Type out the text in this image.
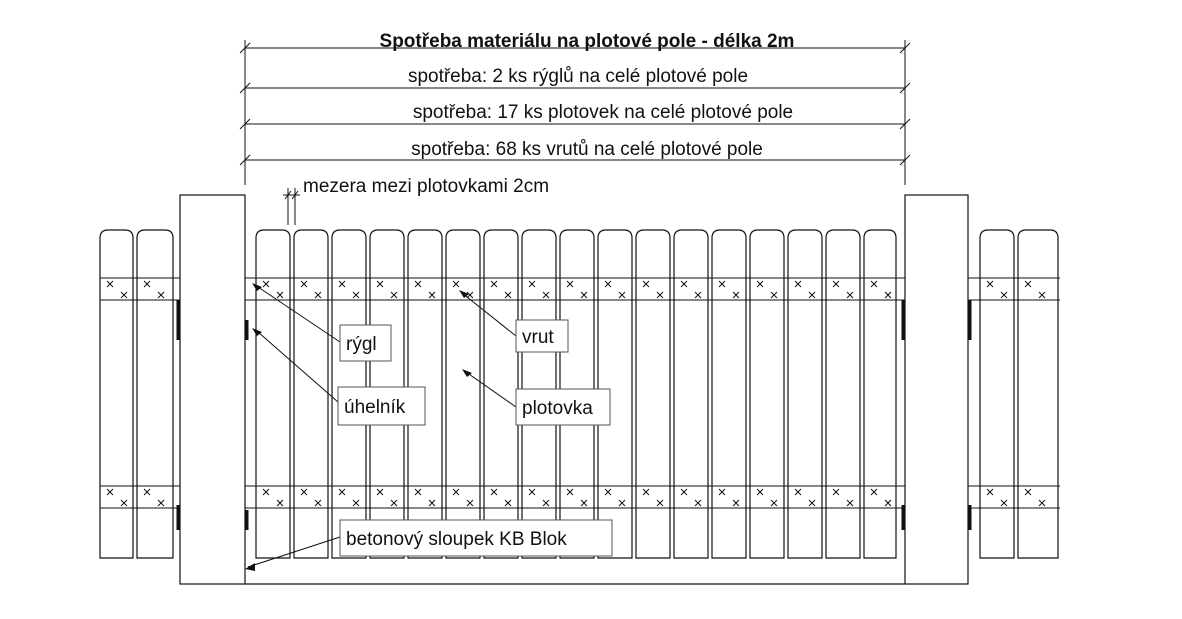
Spotřeba materiálu na plotové pole - délka 2m
spotřeba: 2 ks rýglů na celé plotové pole
spotřeba: 17 ks plotovek na celé plotové pole
spotřeba: 68 ks vrutů na celé plotové pole
mezera mezi plotovkami 2cm
rýgl	vrut
úhelník	plotovka
betonový sloupek KB Blok
